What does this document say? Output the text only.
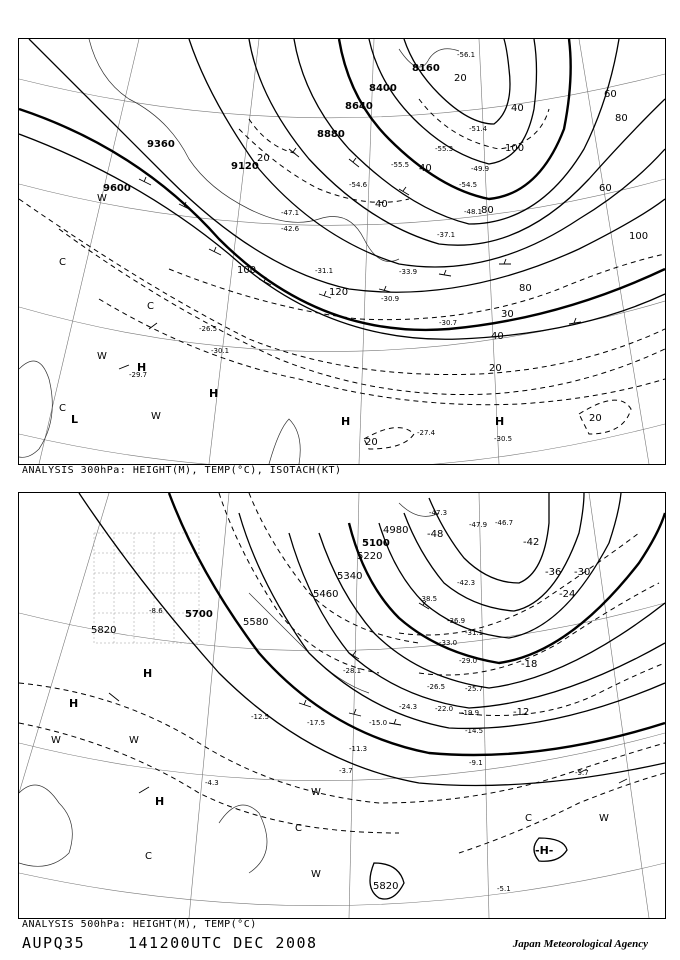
8160
8400
8640
8880
9120
9360
9600
20
20
40
40
40
60
60
80
80
80
100
100
100
120
40
20
20
20
30
-56.1
-55.3
-54.5
-51.4
-49.9
-48.1
-47.1
-42.6
-37.1
-33.9
-31.1
-30.9
-30.7
-30.5
-27.4
-26.5
-30.1
-29.7
-55.5
-54.6
C
C
C
L
W
W
W
H
H
H	H
ANALYSIS 300hPa: HEIGHT(M), TEMP(°C), ISOTACH(KT)
4980
5100
5220
5340
5460
5580
5700
5820
5820
-48
-42
-36 -30
-24
-18
-12
-47.3
-47.9 -46.7
-42.3
-38.5
-36.9
-33.0
-31.1
-29.0
-28.1
-26.5	-25.7
-24.3	-22.0 -19.9
-17.5	-15.0
-14.5
-12.5
-11.3
-9.1
-8.6
-5.7
-5.1
-4.3
-3.7
H
H
H
W	W
W
W
W
C
C
C
-H-
ANALYSIS 500hPa: HEIGHT(M), TEMP(°C)
AUPQ35	141200UTC DEC 2008	Japan Meteorological Agency
